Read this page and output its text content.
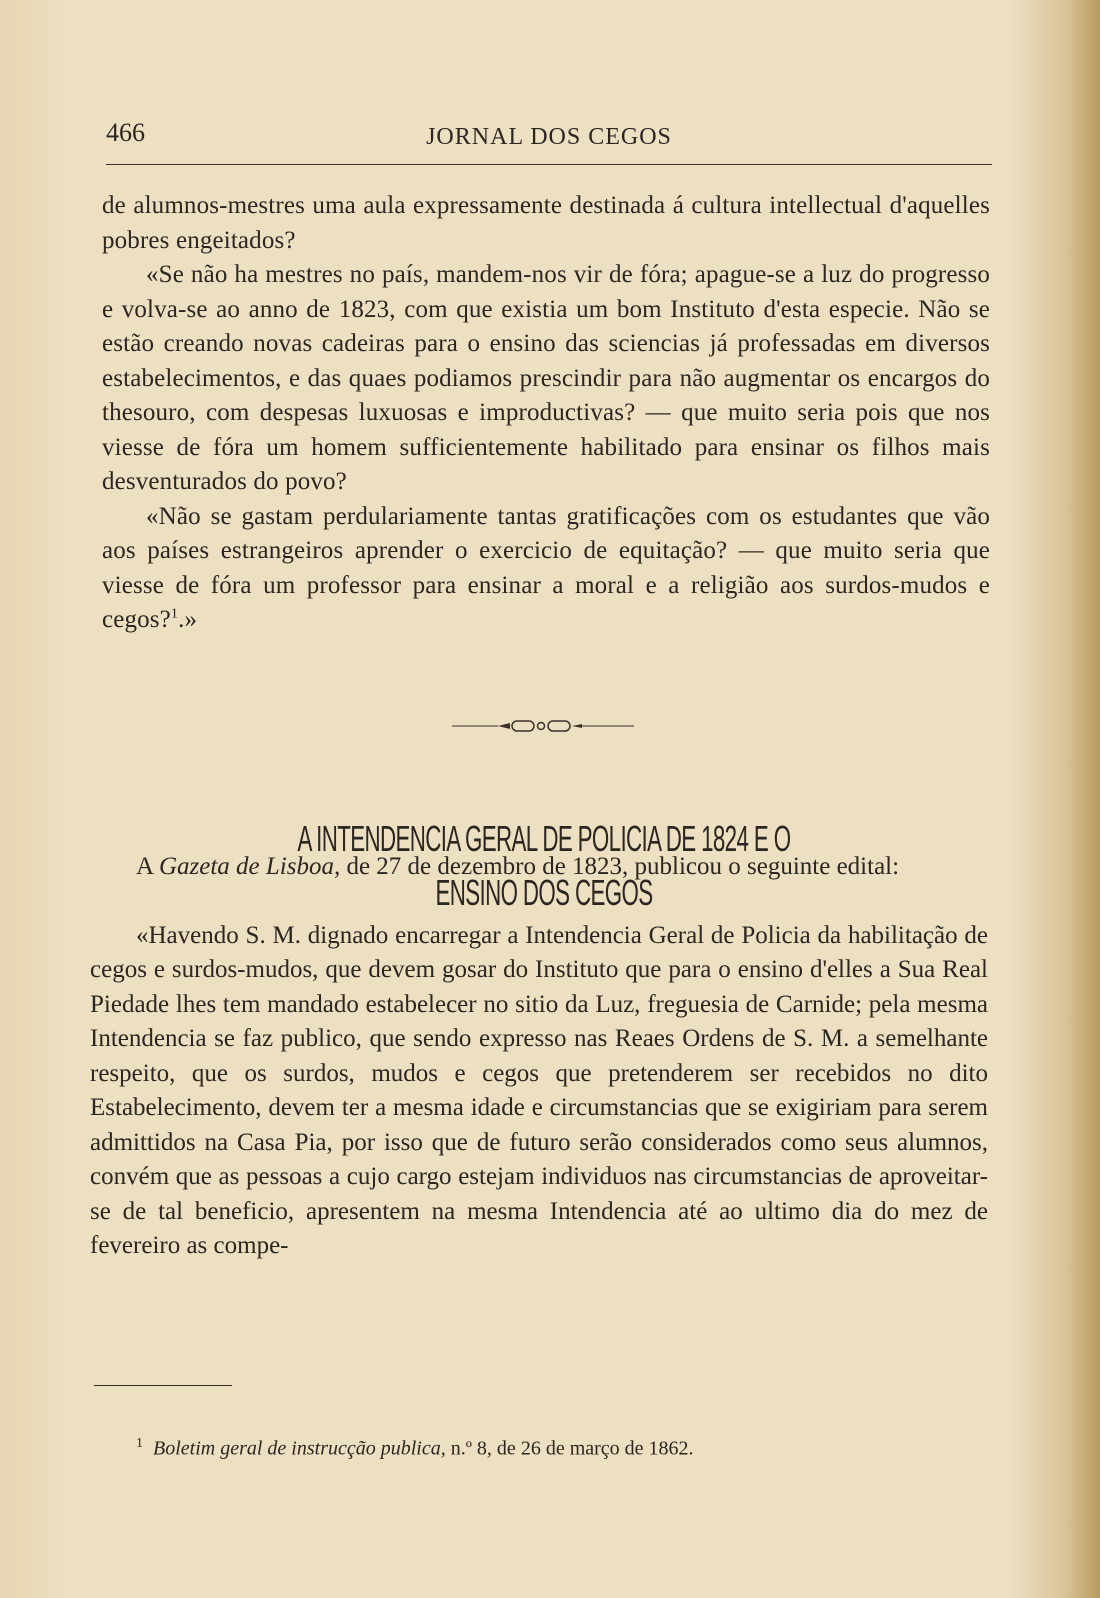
466	JORNAL DOS CEGOS

de alumnos-mestres uma aula expressamente destinada á cultura intellectual d'aquelles pobres engeitados?

«Se não ha mestres no país, mandem-nos vir de fóra; apague-se a luz do progresso e volva-se ao anno de 1823, com que existia um bom Instituto d'esta especie. Não se estão creando novas cadeiras para o ensino das sciencias já professadas em diversos estabelecimentos, e das quaes podiamos prescindir para não augmentar os encargos do thesouro, com despesas luxuosas e improductivas? — que muito seria pois que nos viesse de fóra um homem sufficientemente habilitado para ensinar os filhos mais desventurados do povo?

«Não se gastam perdulariamente tantas gratificações com os estudantes que vão aos países estrangeiros aprender o exercicio de equitação? — que muito seria que viesse de fóra um professor para ensinar a moral e a religião aos surdos-mudos e cegos?$^1$.»

A INTENDENCIA GERAL DE POLICIA DE 1824 E O ENSINO DOS CEGOS

A Gazeta de Lisboa, de 27 de dezembro de 1823, publicou o seguinte edital:

«Havendo S. M. dignado encarregar a Intendencia Geral de Policia da habilitação de cegos e surdos-mudos, que devem gosar do Instituto que para o ensino d'elles a Sua Real Piedade lhes tem mandado estabelecer no sitio da Luz, freguesia de Carnide; pela mesma Intendencia se faz publico, que sendo expresso nas Reaes Ordens de S. M. a semelhante respeito, que os surdos, mudos e cegos que pretenderem ser recebidos no dito Estabelecimento, devem ter a mesma idade e circumstancias que se exigiriam para serem admittidos na Casa Pia, por isso que de futuro serão considerados como seus alumnos, convém que as pessoas a cujo cargo estejam individuos nas circumstancias de aproveitar-se de tal beneficio, apresentem na mesma Intendencia até ao ultimo dia do mez de fevereiro as compe-

$^1$ Boletim geral de instrucção publica, n.º 8, de 26 de março de 1862.
